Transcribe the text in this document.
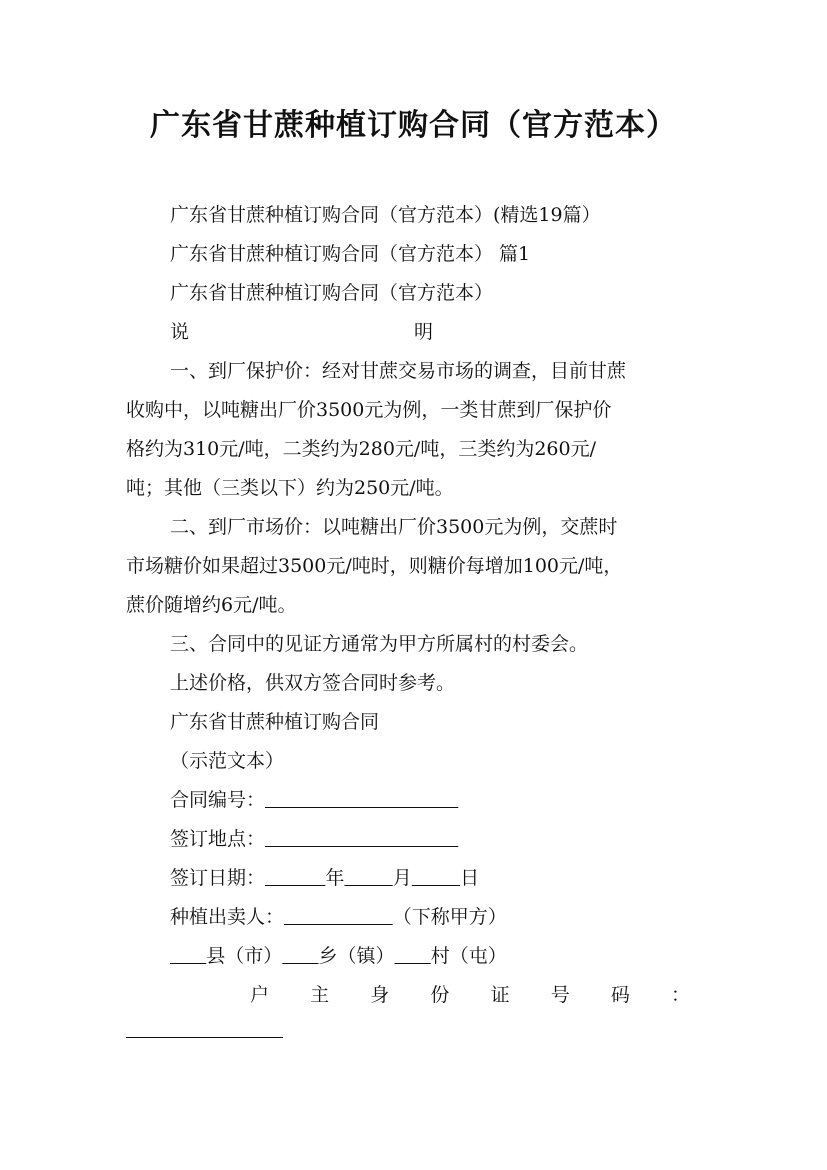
广东省甘蔗种植订购合同（官方范本）
广东省甘蔗种植订购合同（官方范本）(精选19篇）
广东省甘蔗种植订购合同（官方范本） 篇1
广东省甘蔗种植订购合同（官方范本）
说	明
一、到厂保护价：经对甘蔗交易市场的调查，目前甘蔗
收购中，以吨糖出厂价3500元为例，一类甘蔗到厂保护价
格约为310元/吨，二类约为280元/吨，三类约为260元/
吨；其他（三类以下）约为250元/吨。
二、到厂市场价：以吨糖出厂价3500元为例，交蔗时
市场糖价如果超过3500元/吨时，则糖价每增加100元/吨，
蔗价随增约6元/吨。
三、合同中的见证方通常为甲方所属村的村委会。
上述价格，供双方签合同时参考。
广东省甘蔗种植订购合同
（示范文本）
合同编号：
签订地点：
签订日期：	年	月	日
种植出卖人：	（下称甲方）
县（市） 乡（镇） 村（屯）
户 主 身 份 证 号 码 ：
